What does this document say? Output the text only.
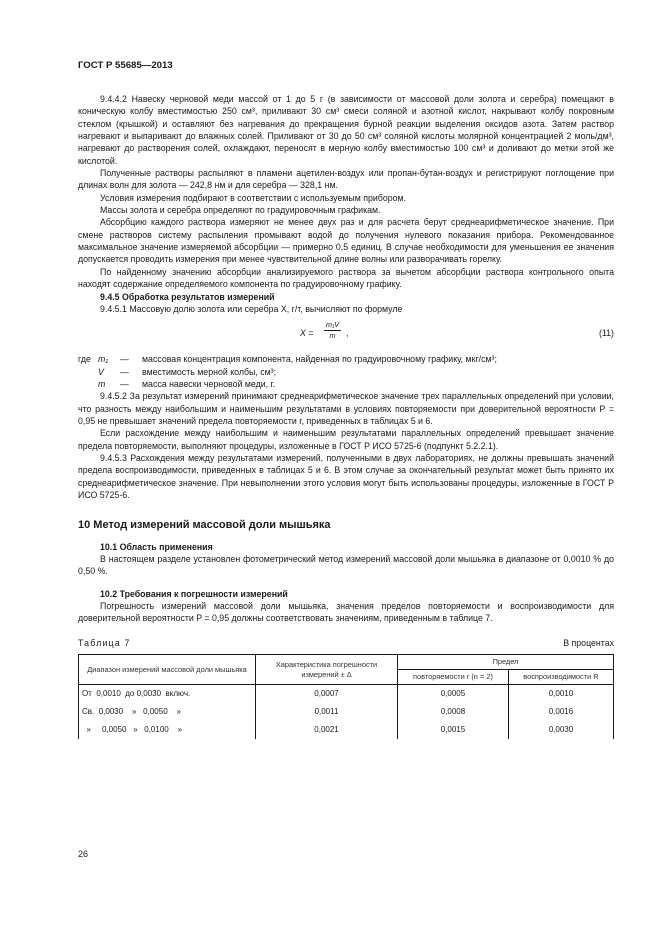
ГОСТ Р 55685—2013

9.4.4.2 Навеску черновой меди массой от 1 до 5 г (в зависимости от массовой доли золота и серебра) помещают в коническую колбу вместимостью 250 см³, приливают 30 см³ смеси соляной и азотной кислот, накрывают колбу покровным стеклом (крышкой) и оставляют без нагревания до прекращения бурной реакции выделения оксидов азота. Затем раствор нагревают и выпаривают до влажных солей. Приливают от 30 до 50 см³ соляной кислоты молярной концентрацией 2 моль/дм³, нагревают до растворения солей, охлаждают, переносят в мерную колбу вместимостью 100 см³ и доливают до метки этой же кислотой.

Полученные растворы распыляют в пламени ацетилен-воздух или пропан-бутан-воздух и регистрируют поглощение при длинах волн для золота — 242,8 нм и для серебра — 328,1 нм.

Условия измерения подбирают в соответствии с используемым прибором.

Массы золота и серебра определяют по градуировочным графикам.

Абсорбцию каждого раствора измеряют не менее двух раз и для расчета берут среднеарифметическое значение. При смене растворов систему распыления промывают водой до получения нулевого показания прибора. Рекомендованное максимальное значение измеряемой абсорбции — примерно 0,5 единиц. В случае необходимости для уменьшения ее значения допускается проводить измерения при менее чувствительной длине волны или разворачивать горелку.

По найденному значению абсорбции анализируемого раствора за вычетом абсорбции раствора контрольного опыта находят содержание определяемого компонента по градуировочному графику.

9.4.5 Обработка результатов измерений

9.4.5.1 Массовую долю золота или серебра X, г/т, вычисляют по формуле

$X = \frac{\text{m₁V}}{m}$ ,	(11)
где m₁	—	массовая концентрация компонента, найденная по градуировочному графику, мкг/см³;
V	—	вместимость мерной колбы, см³;
m	—	масса навески черновой меди, г.

9.4.5.2 За результат измерений принимают среднеарифметическое значение трех параллельных определений при условии, что разность между наибольшим и наименьшим результатами в условиях повторяемости при доверительной вероятности P = 0,95 не превышает значений предела повторяемости r, приведенных в таблицах 5 и 6.

Если расхождение между наибольшим и наименьшим результатами параллельных определений превышает значение предела повторяемости, выполняют процедуры, изложенные в ГОСТ Р ИСО 5725-6 (подпункт 5.2.2.1).

9.4.5.3 Расхождения между результатами измерений, полученными в двух лабораториях, не должны превышать значений предела воспроизводимости, приведенных в таблицах 5 и 6. В этом случае за окончательный результат может быть принято их среднеарифметическое значение. При невыполнении этого условия могут быть использованы процедуры, изложенные в ГОСТ Р ИСО 5725-6.

10 Метод измерений массовой доли мышьяка

10.1 Область применения

В настоящем разделе установлен фотометрический метод измерений массовой доли мышьяка в диапазоне от 0,0010 % до 0,50 %.

10.2 Требования к погрешности измерений

Погрешность измерений массовой доли мышьяка, значения пределов повторяемости и воспроизводимости для доверительной вероятности P = 0,95 должны соответствовать значениям, приведенным в таблице 7.

Таблица 7	В процентах
Диапазон измерений массовой доли мышьяка	Характеристика погрешности измерений ± Δ	Предел	
		повторяемости r (n = 2)	воспроизводимости R
От  0,0010  до 0,0030  включ.	0,0007	0,0005	0,0010
Св.  0,0030    »   0,0050    »	0,0011	0,0008	0,0016
»     0,0050   »   0,0100    »	0,0021	0,0015	0,0030
26
